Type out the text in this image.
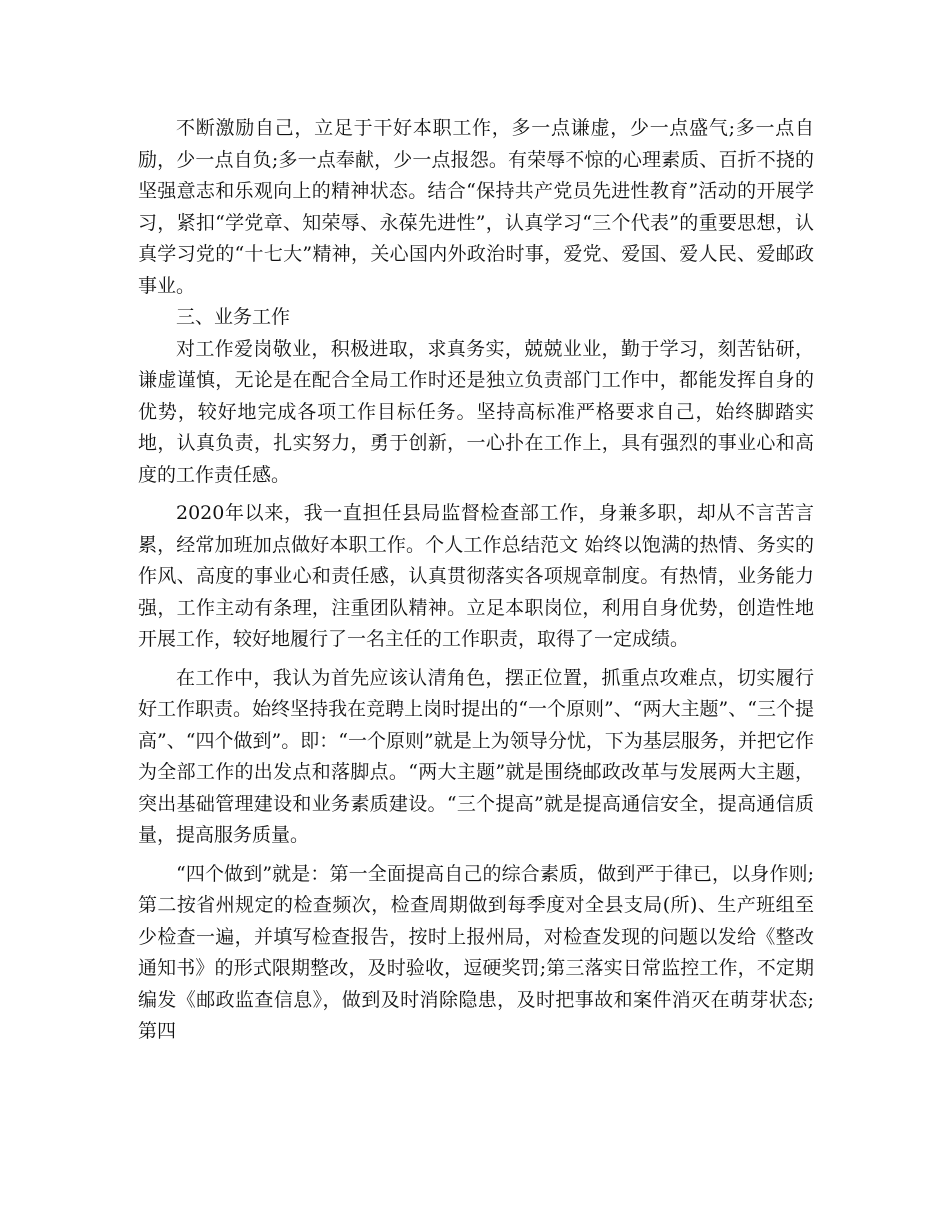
不断激励自己，立足于干好本职工作，多一点谦虚，少一点盛气;多一点自励，少一点自负;多一点奉献，少一点报怨。有荣辱不惊的心理素质、百折不挠的坚强意志和乐观向上的精神状态。结合“保持共产党员先进性教育”活动的开展学习，紧扣“学党章、知荣辱、永葆先进性”，认真学习“三个代表”的重要思想，认真学习党的“十七大”精神，关心国内外政治时事，爱党、爱国、爱人民、爱邮政事业。

三、业务工作

对工作爱岗敬业，积极进取，求真务实，兢兢业业，勤于学习，刻苦钻研，谦虚谨慎，无论是在配合全局工作时还是独立负责部门工作中，都能发挥自身的优势，较好地完成各项工作目标任务。坚持高标准严格要求自己，始终脚踏实地，认真负责，扎实努力，勇于创新，一心扑在工作上，具有强烈的事业心和高度的工作责任感。

2020年以来，我一直担任县局监督检查部工作，身兼多职，却从不言苦言累，经常加班加点做好本职工作。个人工作总结范文 始终以饱满的热情、务实的作风、高度的事业心和责任感，认真贯彻落实各项规章制度。有热情，业务能力强，工作主动有条理，注重团队精神。立足本职岗位，利用自身优势，创造性地开展工作，较好地履行了一名主任的工作职责，取得了一定成绩。

在工作中，我认为首先应该认清角色，摆正位置，抓重点攻难点，切实履行好工作职责。始终坚持我在竞聘上岗时提出的“一个原则”、“两大主题”、“三个提高”、“四个做到”。即：“一个原则”就是上为领导分忧，下为基层服务，并把它作为全部工作的出发点和落脚点。“两大主题”就是围绕邮政改革与发展两大主题，突出基础管理建设和业务素质建设。“三个提高”就是提高通信安全，提高通信质量，提高服务质量。

“四个做到”就是：第一全面提高自己的综合素质，做到严于律已，以身作则;第二按省州规定的检查频次，检查周期做到每季度对全县支局(所)、生产班组至少检查一遍，并填写检查报告，按时上报州局，对检查发现的问题以发给《整改通知书》的形式限期整改，及时验收，逗硬奖罚;第三落实日常监控工作，不定期编发《邮政监查信息》，做到及时消除隐患，及时把事故和案件消灭在萌芽状态;第四
